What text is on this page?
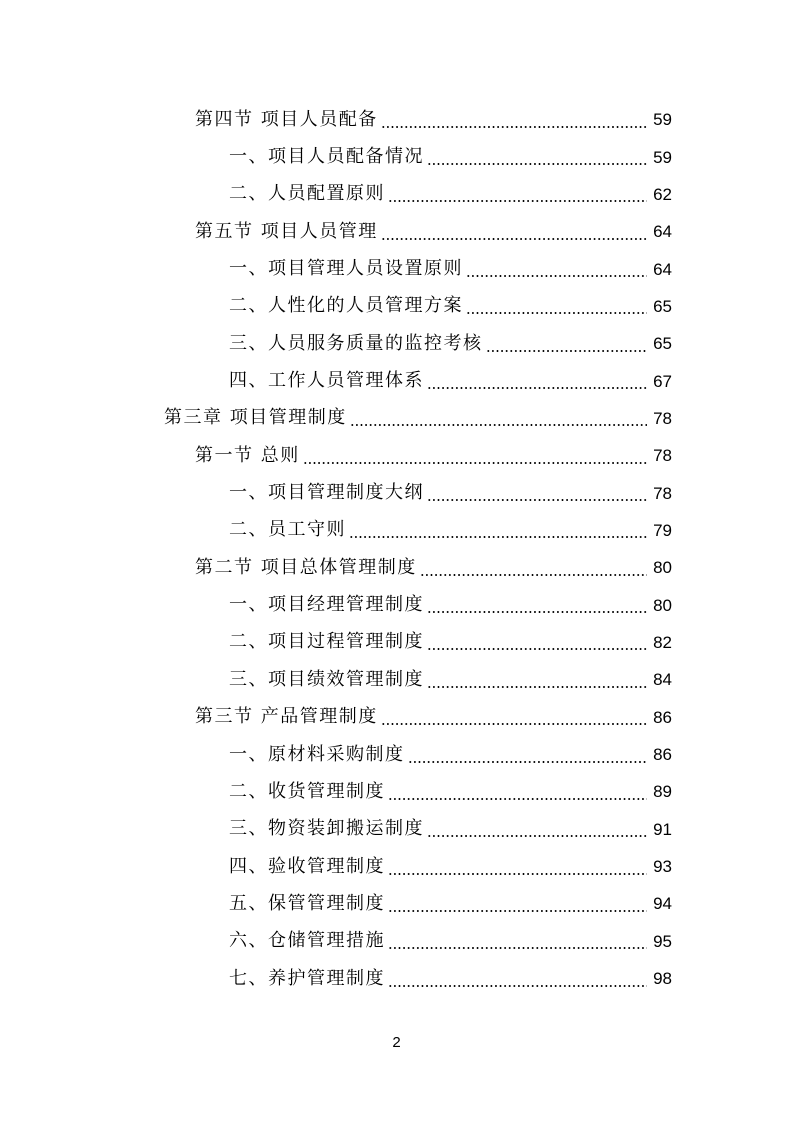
第四节 项目人员配备	59
一、项目人员配备情况	59
二、人员配置原则	62
第五节 项目人员管理	64
一、项目管理人员设置原则	64
二、人性化的人员管理方案	65
三、人员服务质量的监控考核	65
四、工作人员管理体系	67
第三章 项目管理制度	78
第一节 总则	78
一、项目管理制度大纲	78
二、员工守则	79
第二节 项目总体管理制度	80
一、项目经理管理制度	80
二、项目过程管理制度	82
三、项目绩效管理制度	84
第三节 产品管理制度	86
一、原材料采购制度	86
二、收货管理制度	89
三、物资装卸搬运制度	91
四、验收管理制度	93
五、保管管理制度	94
六、仓储管理措施	95
七、养护管理制度	98
2
